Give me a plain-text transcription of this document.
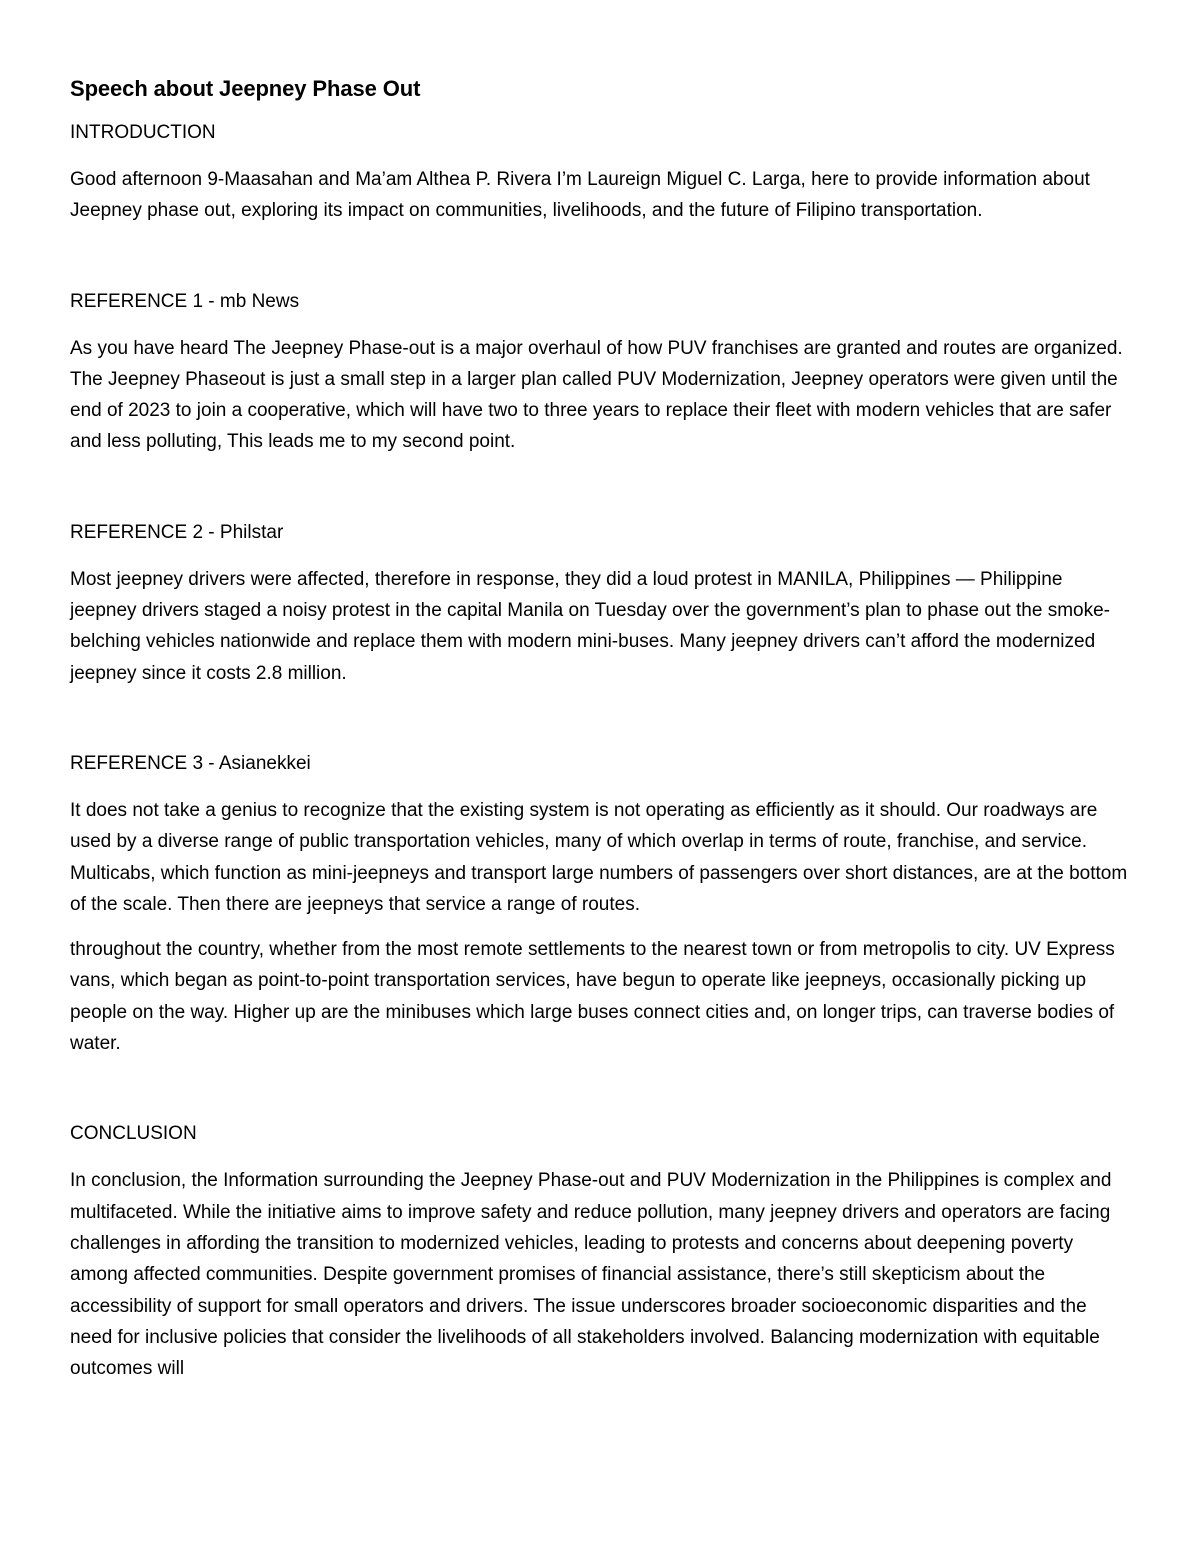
Speech about Jeepney Phase Out
INTRODUCTION
Good afternoon 9-Maasahan and Ma’am Althea P. Rivera I’m Laureign Miguel C. Larga, here to provide information about Jeepney phase out, exploring its impact on communities, livelihoods, and the future of Filipino transportation.
REFERENCE 1 - mb News
As you have heard The Jeepney Phase-out is a major overhaul of how PUV franchises are granted and routes are organized. The Jeepney Phaseout is just a small step in a larger plan called PUV Modernization, Jeepney operators were given until the end of 2023 to join a cooperative, which will have two to three years to replace their fleet with modern vehicles that are safer and less polluting, This leads me to my second point.
REFERENCE 2 - Philstar
Most jeepney drivers were affected, therefore in response, they did a loud protest in MANILA, Philippines — Philippine jeepney drivers staged a noisy protest in the capital Manila on Tuesday over the government’s plan to phase out the smoke-belching vehicles nationwide and replace them with modern mini-buses. Many jeepney drivers can’t afford the modernized jeepney since it costs 2.8 million.
REFERENCE 3 - Asianekkei
It does not take a genius to recognize that the existing system is not operating as efficiently as it should. Our roadways are used by a diverse range of public transportation vehicles, many of which overlap in terms of route, franchise, and service. Multicabs, which function as mini-jeepneys and transport large numbers of passengers over short distances, are at the bottom of the scale. Then there are jeepneys that service a range of routes.
throughout the country, whether from the most remote settlements to the nearest town or from metropolis to city. UV Express vans, which began as point-to-point transportation services, have begun to operate like jeepneys, occasionally picking up people on the way. Higher up are the minibuses which large buses connect cities and, on longer trips, can traverse bodies of water.
CONCLUSION
In conclusion, the Information surrounding the Jeepney Phase-out and PUV Modernization in the Philippines is complex and multifaceted. While the initiative aims to improve safety and reduce pollution, many jeepney drivers and operators are facing challenges in affording the transition to modernized vehicles, leading to protests and concerns about deepening poverty among affected communities. Despite government promises of financial assistance, there’s still skepticism about the accessibility of support for small operators and drivers. The issue underscores broader socioeconomic disparities and the need for inclusive policies that consider the livelihoods of all stakeholders involved. Balancing modernization with equitable outcomes will
